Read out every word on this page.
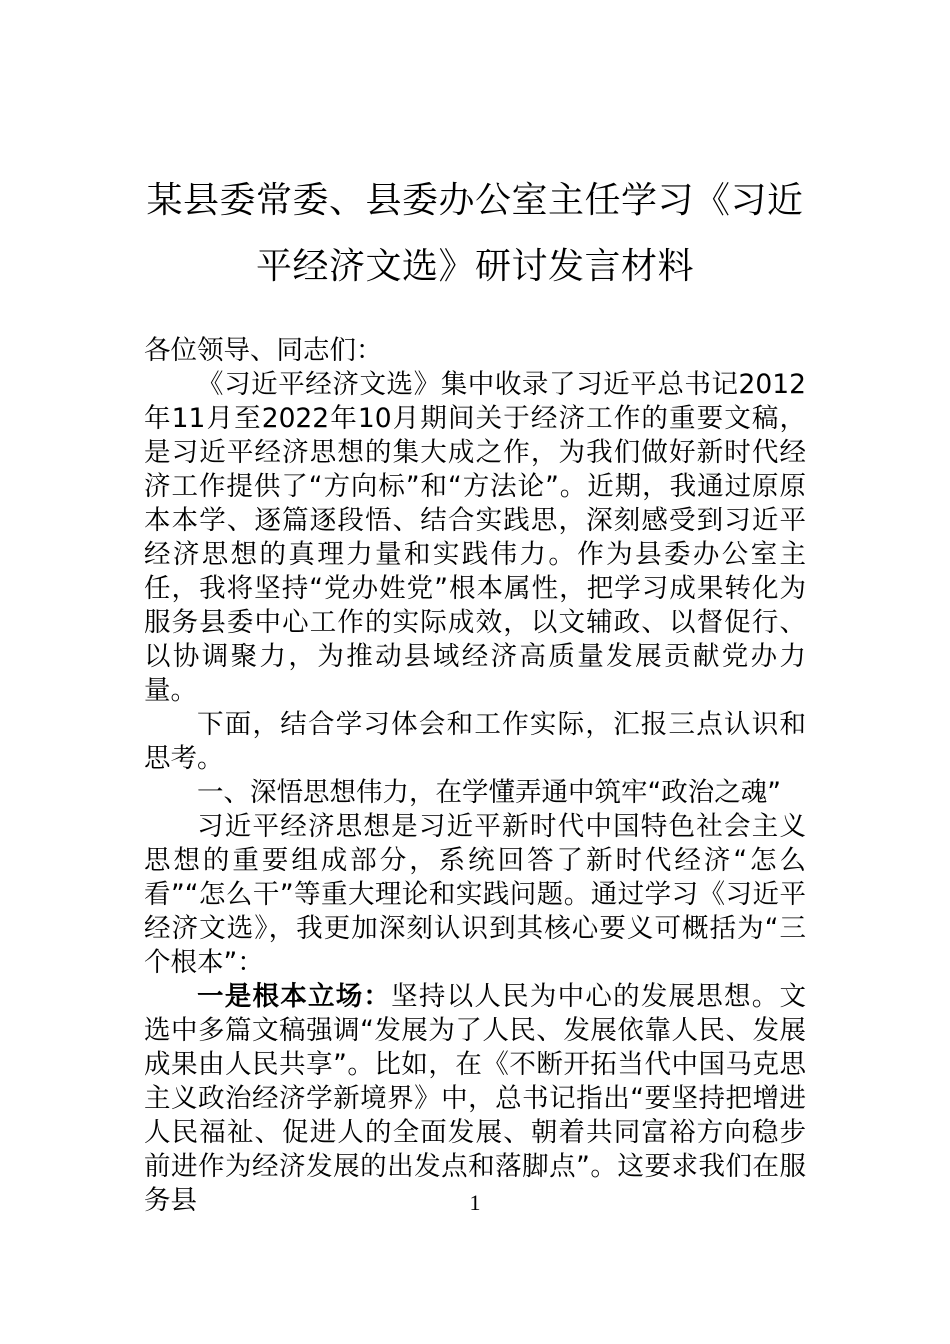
某县委常委、县委办公室主任学习《习近
平经济文选》研讨发言材料

各位领导、同志们：

《习近平经济文选》集中收录了习近平总书记2012年11月至2022年10月期间关于经济工作的重要文稿，是习近平经济思想的集大成之作，为我们做好新时代经济工作提供了“方向标”和“方法论”。近期，我通过原原本本学、逐篇逐段悟、结合实践思，深刻感受到习近平经济思想的真理力量和实践伟力。作为县委办公室主任，我将坚持“党办姓党”根本属性，把学习成果转化为服务县委中心工作的实际成效，以文辅政、以督促行、以协调聚力，为推动县域经济高质量发展贡献党办力量。

下面，结合学习体会和工作实际，汇报三点认识和思考。

一、深悟思想伟力，在学懂弄通中筑牢“政治之魂”

习近平经济思想是习近平新时代中国特色社会主义思想的重要组成部分，系统回答了新时代经济“怎么看”“怎么干”等重大理论和实践问题。通过学习《习近平经济文选》，我更加深刻认识到其核心要义可概括为“三个根本”：

一是根本立场：坚持以人民为中心的发展思想。文选中多篇文稿强调“发展为了人民、发展依靠人民、发展成果由人民共享”。比如，在《不断开拓当代中国马克思主义政治经济学新境界》中，总书记指出“要坚持把增进人民福祉、促进人的全面发展、朝着共同富裕方向稳步前进作为经济发展的出发点和落脚点”。这要求我们在服务县	1
